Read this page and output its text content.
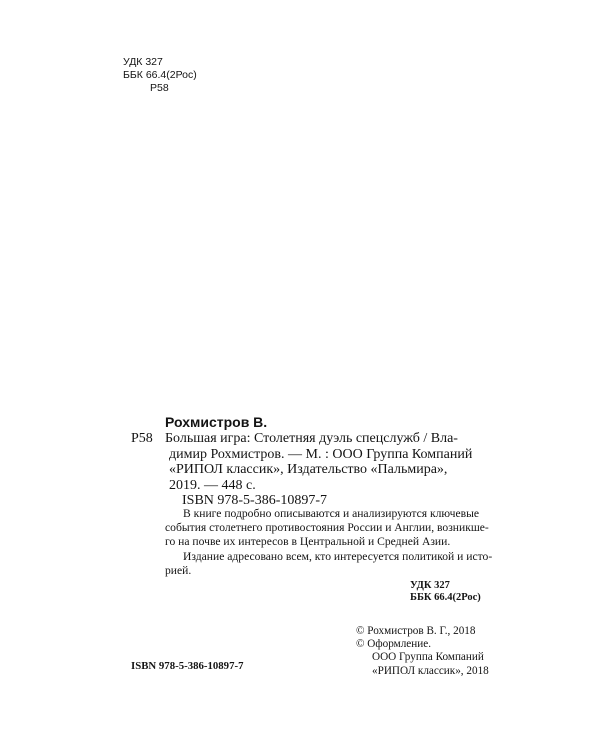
УДК 327
ББК 66.4(2Рос)
Р58
Рохмистров В.
Р58 Большая игра: Столетняя дуэль спецслужб / Вла-
димир Рохмистров. — М. : ООО Группа Компаний
«РИПОЛ классик», Издательство «Пальмира»,
2019. — 448 с.
ISBN 978-5-386-10897-7
В книге подробно описываются и анализируются ключевые
события столетнего противостояния России и Англии, возникше-
го на почве их интересов в Центральной и Средней Азии.
Издание адресовано всем, кто интересуется политикой и исто-
рией.
УДК 327
ББК 66.4(2Рос)
© Рохмистров В. Г., 2018
© Оформление.
ООО Группа Компаний
«РИПОЛ классик», 2018
ISBN 978-5-386-10897-7
